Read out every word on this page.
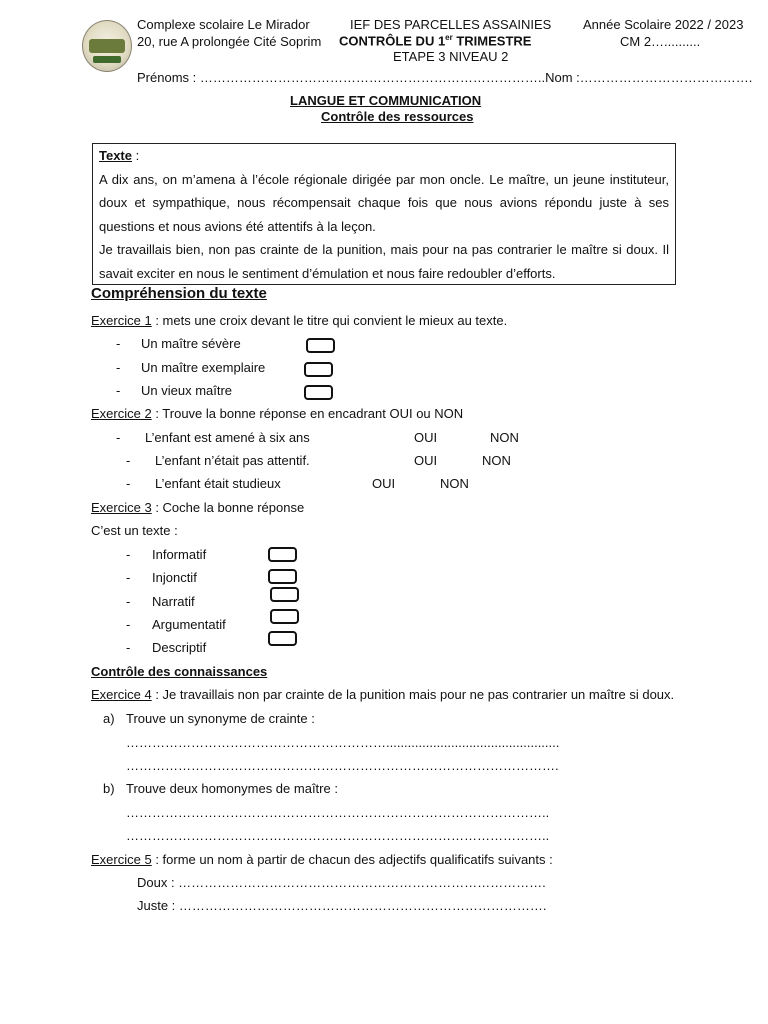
Complexe scolaire Le Mirador
20, rue A prolongée Cité Soprim
IEF DES PARCELLES ASSAINIES
CONTRÔLE DU 1er TRIMESTRE
ETAPE 3 NIVEAU 2
Année Scolaire 2022 / 2023
CM 2…..........
Prénoms : ……………………………………………………………………..Nom :………………………………….
LANGUE ET COMMUNICATION
Contrôle des ressources

Texte :

A dix ans, on m’amena à l’école régionale dirigée par mon oncle. Le maître, un jeune instituteur, doux et sympathique, nous récompensait chaque fois que nous avions répondu juste à ses questions et nous avions été attentifs à la leçon.

Je travaillais bien, non pas crainte de la punition, mais pour na pas contrarier le maître si doux. Il savait exciter en nous le sentiment d’émulation et nous faire redoubler d’efforts.

Compréhension du texte
Exercice 1 : mets une croix devant le titre qui convient le mieux au texte.
- Un maître sévère
- Un maître exemplaire
- Un vieux maître
Exercice 2 : Trouve la bonne réponse en encadrant OUI ou NON
- L’enfant est amené à six ans	OUI	NON
- L’enfant n’était pas attentif.	OUI	NON
- L’enfant était studieux	OUI	NON
Exercice 3 : Coche la bonne réponse
C’est un texte :
- Informatif
- Injonctif
- Narratif
- Argumentatif
- Descriptif
Contrôle des connaissances
Exercice 4 : Je travaillais non par crainte de la punition mais pour ne pas contrarier un maître si doux.
a) Trouve un synonyme de crainte :
……………………………………………………................................................
……………………………………………………………………………………….
b) Trouve deux homonymes de maître :
……………………………………………………………………………………..
……………………………………………………………………………………..
Exercice 5 : forme un nom à partir de chacun des adjectifs qualificatifs suivants :
Doux : ………………………………………………………………………….
Juste : ………………………………………………………………………….
